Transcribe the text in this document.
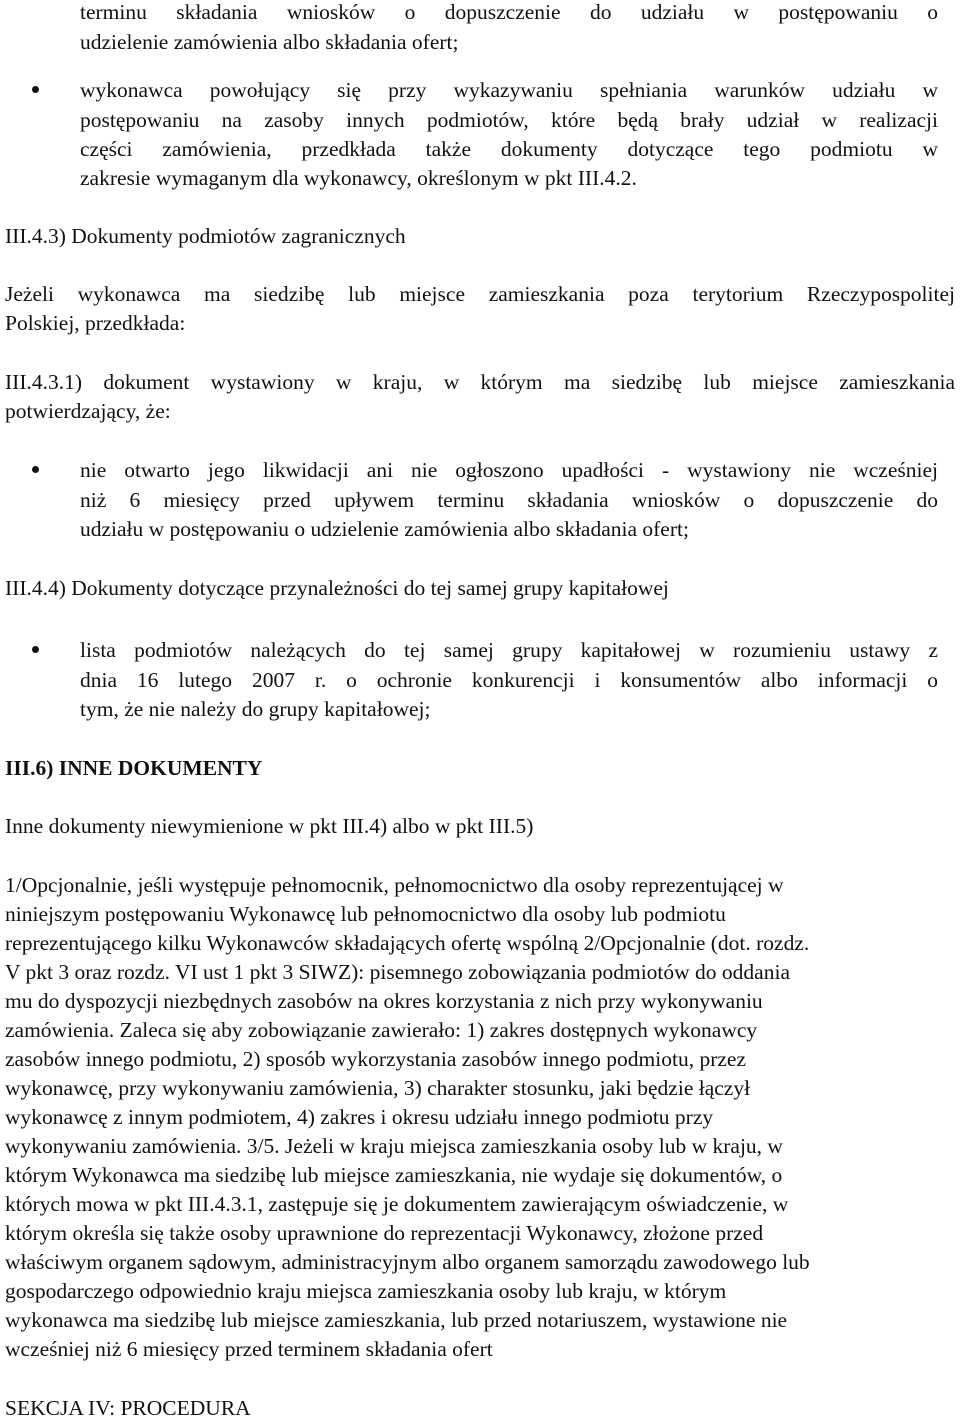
terminu składania wniosków o dopuszczenie do udziału w postępowaniu o
udzielenie zamówienia albo składania ofert;
wykonawca powołujący się przy wykazywaniu spełniania warunków udziału w
postępowaniu na zasoby innych podmiotów, które będą brały udział w realizacji
części zamówienia, przedkłada także dokumenty dotyczące tego podmiotu w
zakresie wymaganym dla wykonawcy, określonym w pkt III.4.2.
III.4.3) Dokumenty podmiotów zagranicznych
Jeżeli wykonawca ma siedzibę lub miejsce zamieszkania poza terytorium Rzeczypospolitej
Polskiej, przedkłada:
III.4.3.1) dokument wystawiony w kraju, w którym ma siedzibę lub miejsce zamieszkania
potwierdzający, że:
nie otwarto jego likwidacji ani nie ogłoszono upadłości - wystawiony nie wcześniej
niż 6 miesięcy przed upływem terminu składania wniosków o dopuszczenie do
udziału w postępowaniu o udzielenie zamówienia albo składania ofert;
III.4.4) Dokumenty dotyczące przynależności do tej samej grupy kapitałowej
lista podmiotów należących do tej samej grupy kapitałowej w rozumieniu ustawy z
dnia 16 lutego 2007 r. o ochronie konkurencji i konsumentów albo informacji o
tym, że nie należy do grupy kapitałowej;
III.6) INNE DOKUMENTY
Inne dokumenty niewymienione w pkt III.4) albo w pkt III.5)
1/Opcjonalnie, jeśli występuje pełnomocnik, pełnomocnictwo dla osoby reprezentującej w
niniejszym postępowaniu Wykonawcę lub pełnomocnictwo dla osoby lub podmiotu
reprezentującego kilku Wykonawców składających ofertę wspólną 2/Opcjonalnie (dot. rozdz.
V pkt 3 oraz rozdz. VI ust 1 pkt 3 SIWZ): pisemnego zobowiązania podmiotów do oddania
mu do dyspozycji niezbędnych zasobów na okres korzystania z nich przy wykonywaniu
zamówienia. Zaleca się aby zobowiązanie zawierało: 1) zakres dostępnych wykonawcy
zasobów innego podmiotu, 2) sposób wykorzystania zasobów innego podmiotu, przez
wykonawcę, przy wykonywaniu zamówienia, 3) charakter stosunku, jaki będzie łączył
wykonawcę z innym podmiotem, 4) zakres i okresu udziału innego podmiotu przy
wykonywaniu zamówienia. 3/5. Jeżeli w kraju miejsca zamieszkania osoby lub w kraju, w
którym Wykonawca ma siedzibę lub miejsce zamieszkania, nie wydaje się dokumentów, o
których mowa w pkt III.4.3.1, zastępuje się je dokumentem zawierającym oświadczenie, w
którym określa się także osoby uprawnione do reprezentacji Wykonawcy, złożone przed
właściwym organem sądowym, administracyjnym albo organem samorządu zawodowego lub
gospodarczego odpowiednio kraju miejsca zamieszkania osoby lub kraju, w którym
wykonawca ma siedzibę lub miejsce zamieszkania, lub przed notariuszem, wystawione nie
wcześniej niż 6 miesięcy przed terminem składania ofert
SEKCJA IV: PROCEDURA
